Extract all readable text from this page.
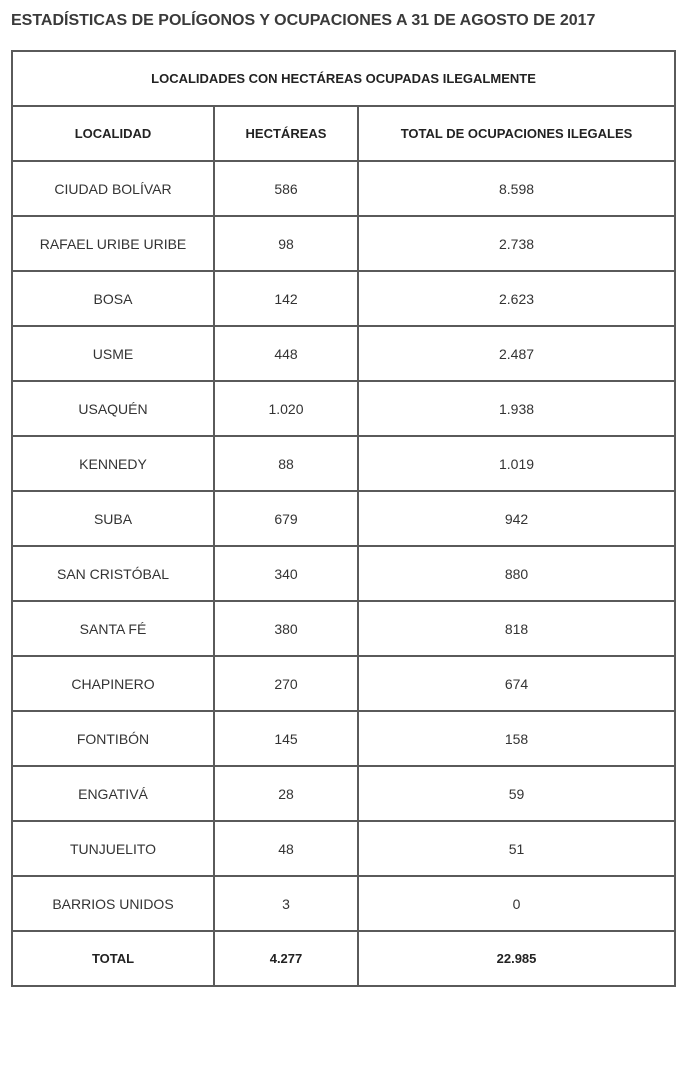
ESTADÍSTICAS DE POLÍGONOS Y OCUPACIONES A 31 DE AGOSTO DE 2017
LOCALIDADES CON HECTÁREAS OCUPADAS ILEGALMENTE		
LOCALIDAD	HECTÁREAS	TOTAL DE OCUPACIONES ILEGALES
CIUDAD BOLÍVAR	586	8.598
RAFAEL URIBE URIBE	98	2.738
BOSA	142	2.623
USME	448	2.487
USAQUÉN	1.020	1.938
KENNEDY	88	1.019
SUBA	679	942
SAN CRISTÓBAL	340	880
SANTA FÉ	380	818
CHAPINERO	270	674
FONTIBÓN	145	158
ENGATIVÁ	28	59
TUNJUELITO	48	51
BARRIOS UNIDOS	3	0
TOTAL	4.277	22.985
